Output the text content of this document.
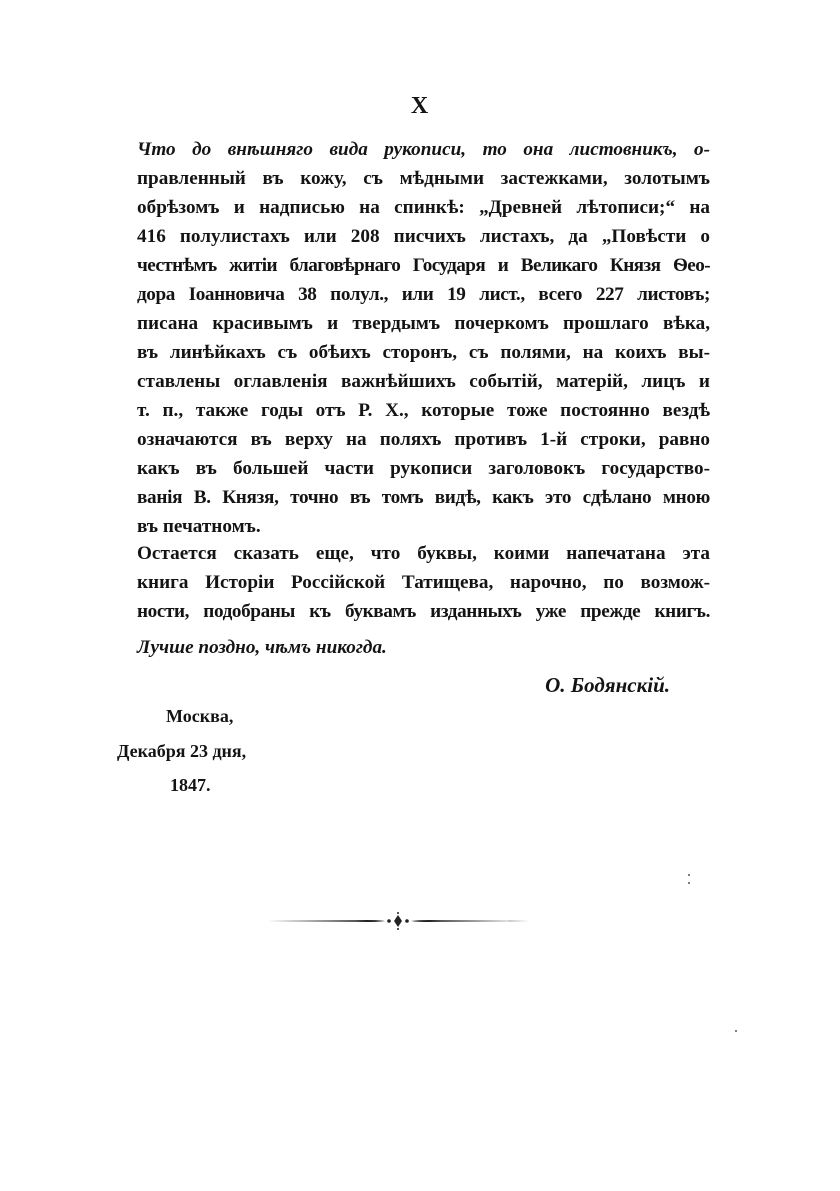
X
Что до внѣшняго вида рукописи, то она листовникъ, о-
правленный въ кожу, съ мѣдными застежками, золотымъ
обрѣзомъ и надписью на спинкѣ: „Древней лѣтописи;“ на
416 полулистахъ или 208 писчихъ листахъ, да „Повѣсти о
честнѣмъ житіи благовѣрнаго Государя и Великаго Князя Ѳео-
дора Іоанновича 38 полул., или 19 лист., всего 227 листовъ;
писана красивымъ и твердымъ почеркомъ прошлаго вѣка,
въ линѣйкахъ съ обѣихъ сторонъ, съ полями, на коихъ вы-
ставлены оглавленія важнѣйшихъ событій, матерій, лицъ и
т. п., также годы отъ Р. Х., которые тоже постоянно вездѣ
означаются въ верху на поляхъ противъ 1-й строки, равно
какъ въ большей части рукописи заголовокъ государство-
ванія В. Князя, точно въ томъ видѣ, какъ это сдѣлано мною
въ печатномъ.
Остается сказать еще, что буквы, коими напечатана эта
книга Исторіи Россійской Татищева, нарочно, по возмож-
ности, подобраны къ буквамъ изданныхъ уже прежде книгъ.
Лучше поздно, чѣмъ никогда.
О. Бодянскій.
Москва,
Декабря 23 дня,
1847.
